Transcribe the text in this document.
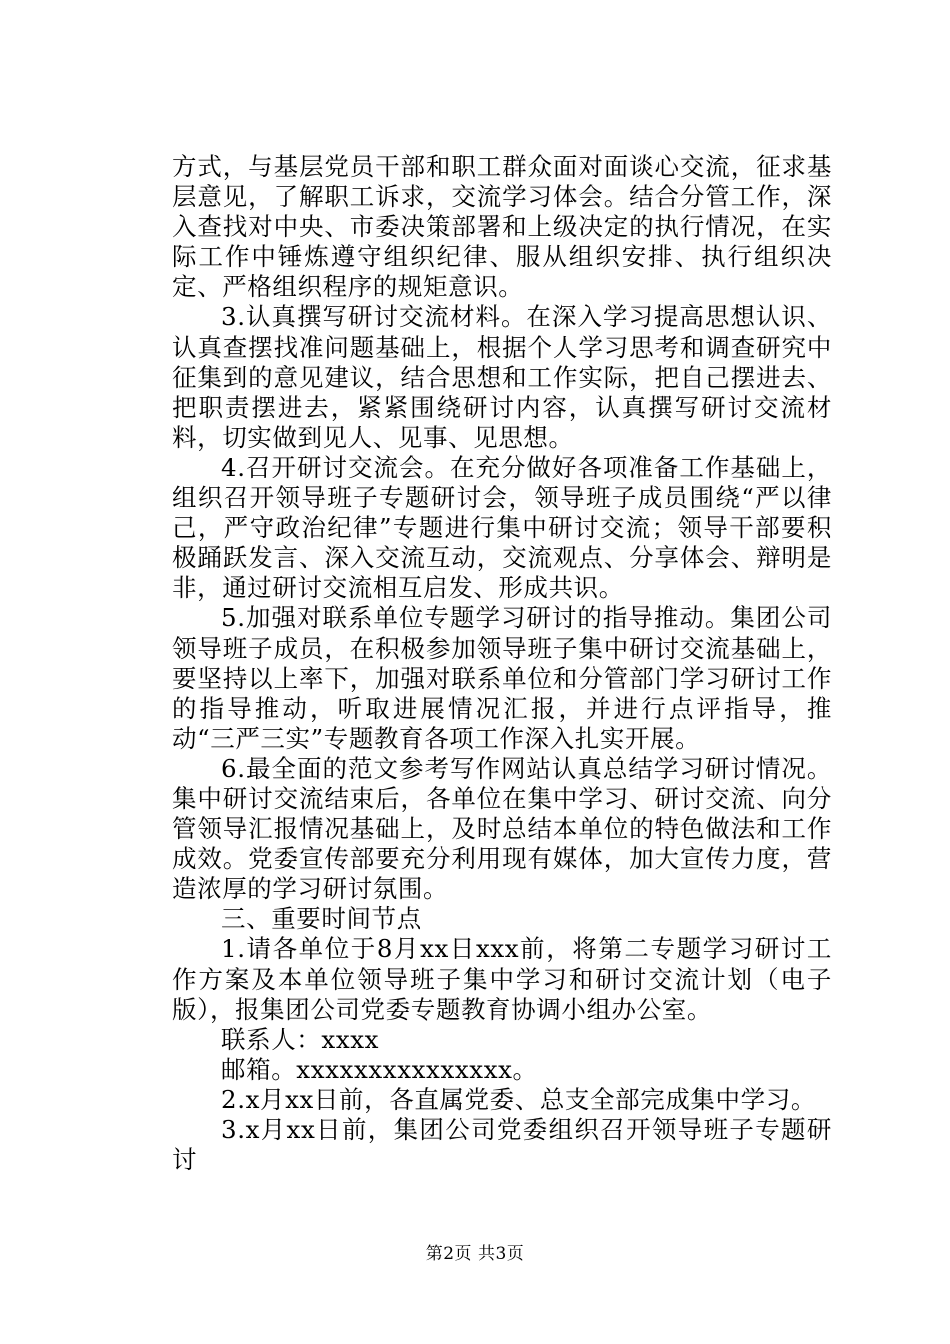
方式，与基层党员干部和职工群众面对面谈心交流，征求基层意见，了解职工诉求，交流学习体会。结合分管工作，深入查找对中央、市委决策部署和上级决定的执行情况，在实际工作中锤炼遵守组织纪律、服从组织安排、执行组织决定、严格组织程序的规矩意识。

3.认真撰写研讨交流材料。在深入学习提高思想认识、认真查摆找准问题基础上，根据个人学习思考和调查研究中征集到的意见建议，结合思想和工作实际，把自己摆进去、把职责摆进去，紧紧围绕研讨内容，认真撰写研讨交流材料，切实做到见人、见事、见思想。

4.召开研讨交流会。在充分做好各项准备工作基础上，组织召开领导班子专题研讨会，领导班子成员围绕“严以律己，严守政治纪律”专题进行集中研讨交流；领导干部要积极踊跃发言、深入交流互动，交流观点、分享体会、辩明是非，通过研讨交流相互启发、形成共识。

5.加强对联系单位专题学习研讨的指导推动。集团公司领导班子成员，在积极参加领导班子集中研讨交流基础上，要坚持以上率下，加强对联系单位和分管部门学习研讨工作的指导推动，听取进展情况汇报，并进行点评指导，推动“三严三实”专题教育各项工作深入扎实开展。

6.最全面的范文参考写作网站认真总结学习研讨情况。集中研讨交流结束后，各单位在集中学习、研讨交流、向分管领导汇报情况基础上，及时总结本单位的特色做法和工作成效。党委宣传部要充分利用现有媒体，加大宣传力度，营造浓厚的学习研讨氛围。

三、重要时间节点

1.请各单位于8月xx日xxx前，将第二专题学习研讨工作方案及本单位领导班子集中学习和研讨交流计划（电子版），报集团公司党委专题教育协调小组办公室。

联系人：xxxx

邮箱。xxxxxxxxxxxxxxx。

2.x月xx日前，各直属党委、总支全部完成集中学习。

3.x月xx日前，集团公司党委组织召开领导班子专题研讨

第2页 共3页
